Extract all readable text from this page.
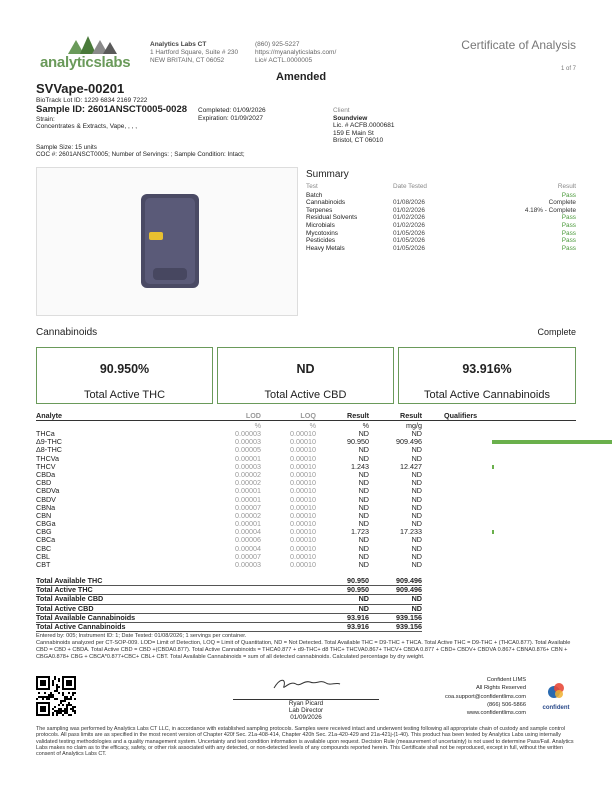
analyticslabs
Analytics Labs CT
1 Hartford Square, Suite # 230
NEW BRITAIN, CT 06052
(860) 925-5227
https://myanalyticslabs.com/
Lic# ACTL.0000005
Certificate of Analysis
1 of 7
Amended
SVVape-00201
BioTrack Lot ID: 1229 6834 2169 7222
Sample ID: 2601ANSCT0005-0028
Strain:
Concentrates & Extracts, Vape, , , ,
Completed: 01/09/2026
Expiration: 01/09/2027
Sample Size: 15 units
COC #: 2601ANSCT0005; Number of Servings: ; Sample Condition: Intact;
Client
Soundview
Lic. # ACFB.0000681
159 E Main St
Bristol, CT 06010
Summary
Test	Date Tested	Result
Batch	Pass
Cannabinoids	01/08/2026	Complete
Terpenes	01/02/2026	4.18% - Complete
Residual Solvents	01/02/2026	Pass
Microbials	01/02/2026	Pass
Mycotoxins	01/05/2026	Pass
Pesticides	01/05/2026	Pass
Heavy Metals	01/05/2026	Pass
Cannabinoids	Complete
90.950%
Total Active THC
ND
Total Active CBD
93.916%
Total Active Cannabinoids
Analyte	LOD	LOQ	Result	Result	Qualifiers
%	%	%	mg/g
THCa	0.00003	0.00010	ND	ND
Δ9-THC	0.00003	0.00010	90.950	909.496
Δ8-THC	0.00005	0.00010	ND	ND
THCVa	0.00001	0.00010	ND	ND
THCV	0.00003	0.00010	1.243	12.427
CBDa	0.00002	0.00010	ND	ND
CBD	0.00002	0.00010	ND	ND
CBDVa	0.00001	0.00010	ND	ND
CBDV	0.00001	0.00010	ND	ND
CBNa	0.00007	0.00010	ND	ND
CBN	0.00002	0.00010	ND	ND
CBGa	0.00001	0.00010	ND	ND
CBG	0.00004	0.00010	1.723	17.233
CBCa	0.00006	0.00010	ND	ND
CBC	0.00004	0.00010	ND	ND
CBL	0.00007	0.00010	ND	ND
CBT	0.00003	0.00010	ND	ND
Total Available THC	90.950	909.496
Total Active THC	90.950	909.496
Total Available CBD	ND	ND
Total Active CBD	ND	ND
Total Available Cannabinoids	93.916	939.156
Total Active Cannabinoids	93.916	939.156
Entered by: 005; Instrument ID: 1; Date Tested: 01/08/2026; 1 servings per container.
Cannabinoids analyzed per CT-SOP-009. LOD= Limit of Detection, LOQ = Limit of Quantitation, ND = Not Detected. Total Available THC = D9-THC + THCA. Total Active THC = D9-THC + (THCA0.877). Total Available CBD = CBD + CBDA. Total Active CBD = CBD +(CBDA0.877). Total Active Cannabinoids = THCA0.877 + d9-THC+ d8 THC+ THCVA0.867+ THCV+ CBDA 0.877 + CBD+ CBDV+ CBDVA 0.867+ CBNA0.876+ CBN + CBGA0.878+ CBG + CBCA*0.877+CBC+ CBL+ CBT. Total Available Cannabinoids = sum of all detected cannabinoids. Calculated percentage by dry weight.
Ryan Picard
Lab Director
01/09/2026
Confident LIMS
All Rights Reserved
coa.support@confidentlims.com
(866) 506-5866
www.confidentlims.com
confident
The sampling was performed by Analytics Labs CT LLC, in accordance with established sampling protocols. Samples were received intact and underwent testing following all appropriate chain of custody and sample control protocols. All pass limits are as specified in the most recent version of Chapter 420f Sec. 21a-408-414, Chapter 420h Sec. 21a-420-429 and 21a-421j-(1-40). This product has been tested by Analytics Labs using internally validated testing methodologies and a quality management system. Uncertainty and test condition information is available upon request. Decision Rule (measurement of uncertainty) is not used to determine Pass/Fail. Analytics Labs makes no claim as to the efficacy, safety, or other risk associated with any detected, or non-detected levels of any compounds reported herein. This Certificate shall not be reproduced, except in full, without the written consent of Analytics Labs CT.
